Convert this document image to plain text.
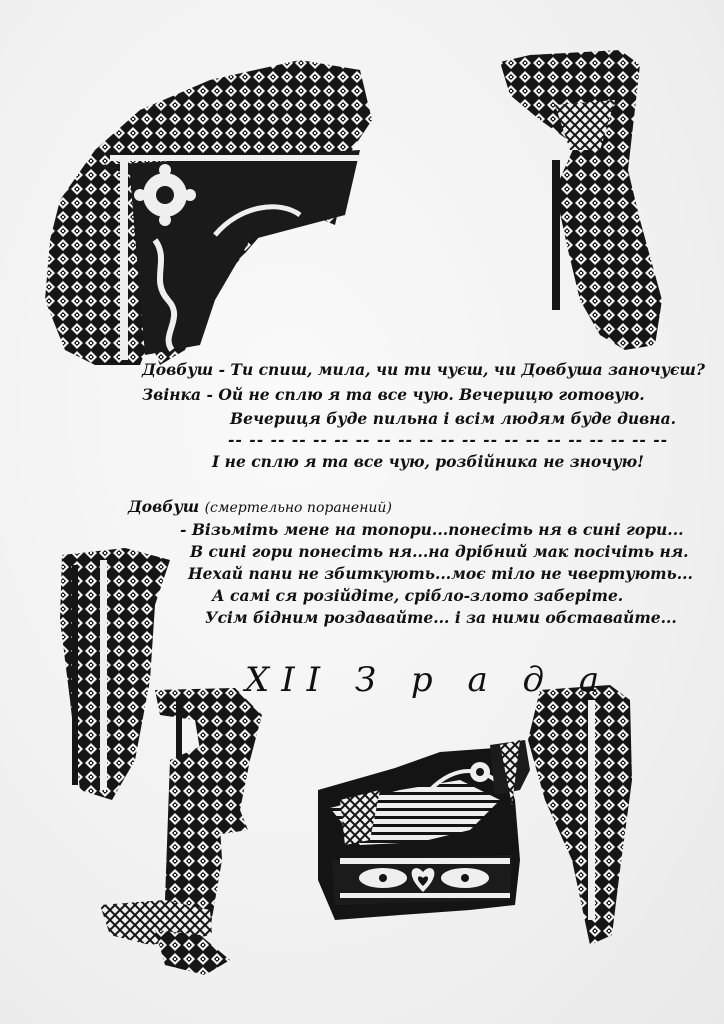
Довбуш - Ти спиш, мила, чи ти чуєш, чи Довбуша заночуєш?
Звінка - Ой не сплю я та все чую. Вечерицю готовую.
Вечериця буде пильна і всім людям буде дивна.
-- -- -- -- -- -- -- -- -- -- -- -- -- -- -- -- -- -- -- -- --
І не сплю я та все чую, розбійника не зночую!
Довбуш (смертельно поранений)
- Візьміть мене на топори...понесіть ня в сині гори...
В сині гори понесіть ня...на дрібний мак посічіть ня.
Нехай пани не збиткують...моє тіло не чвертують...
А самі ся розійдіте, срібло-злото заберіте.
Усім бідним роздавайте... і за ними обставайте...
XII З р а д а
